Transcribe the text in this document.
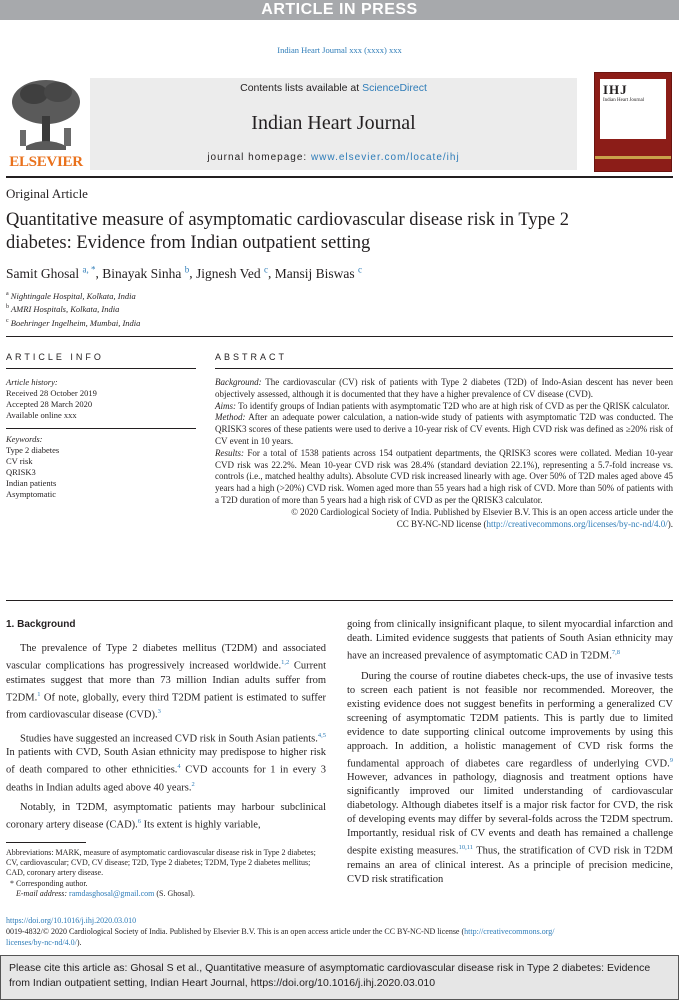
ARTICLE IN PRESS
Indian Heart Journal xxx (xxxx) xxx
ELSEVIER
Contents lists available at ScienceDirect
Indian Heart Journal
journal homepage: www.elsevier.com/locate/ihj
IHJ
Indian Heart Journal
Original Article
Quantitative measure of asymptomatic cardiovascular disease risk in Type 2 diabetes: Evidence from Indian outpatient setting
Samit Ghosal $^{a, *}$, Binayak Sinha $^b$, Jignesh Ved $^c$, Mansij Biswas $^c$
$^a$ Nightingale Hospital, Kolkata, India
$^b$ AMRI Hospitals, Kolkata, India
$^c$ Boehringer Ingelheim, Mumbai, India
ARTICLE INFO	ABSTRACT
Article history:
Received 28 October 2019
Accepted 28 March 2020
Available online xxx
Keywords:
Type 2 diabetes
CV risk
QRISK3
Indian patients
Asymptomatic

Background: The cardiovascular (CV) risk of patients with Type 2 diabetes (T2D) of Indo-Asian descent has never been objectively assessed, although it is documented that they have a higher prevalence of CV disease (CVD).

Aims: To identify groups of Indian patients with asymptomatic T2D who are at high risk of CVD as per the QRISK calculator.

Method: After an adequate power calculation, a nation-wide study of patients with asymptomatic T2D was conducted. The QRISK3 scores of these patients were used to derive a 10-year risk of CV events. High CVD risk was defined as ≥20% risk of CV event in 10 years.

Results: For a total of 1538 patients across 154 outpatient departments, the QRISK3 scores were collated. Median 10-year CVD risk was 22.2%. Mean 10-year CVD risk was 28.4% (standard deviation 22.1%), representing a 5.7-fold increase vs. controls (i.e., matched healthy adults). Absolute CVD risk increased linearly with age. Over 50% of T2D males aged above 45 years had a high (>20%) CVD risk. Women aged more than 55 years had a high risk of CVD. More than 50% of patients with a T2D duration of more than 5 years had a high risk of CVD as per the QRISK3 calculator.

© 2020 Cardiological Society of India. Published by Elsevier B.V. This is an open access article under the
CC BY-NC-ND license (http://creativecommons.org/licenses/by-nc-nd/4.0/).

1. Background

The prevalence of Type 2 diabetes mellitus (T2DM) and associated vascular complications has progressively increased worldwide.$^{1,2}$ Current estimates suggest that more than 73 million Indian adults suffer from T2DM.$^1$ Of note, globally, every third T2DM patient is estimated to suffer from cardiovascular disease (CVD).$^3$

Studies have suggested an increased CVD risk in South Asian patients.$^{4,5}$ In patients with CVD, South Asian ethnicity may predispose to higher risk of death compared to other ethnicities.$^4$ CVD accounts for 1 in every 3 deaths in Indian adults aged above 40 years.$^2$

Notably, in T2DM, asymptomatic patients may harbour subclinical coronary artery disease (CAD).$^6$ Its extent is highly variable,

going from clinically insignificant plaque, to silent myocardial infarction and death. Limited evidence suggests that patients of South Asian ethnicity may have an increased prevalence of asymptomatic CAD in T2DM.$^{7,8}$

During the course of routine diabetes check-ups, the use of invasive tests to screen each patient is not feasible nor recommended. Moreover, the existing evidence does not suggest benefits in performing a generalized CV screening of asymptomatic T2DM patients. This is partly due to limited evidence to date supporting clinical outcome improvements by using this approach. In addition, a holistic management of CVD risk forms the fundamental approach of diabetes care regardless of underlying CVD.$^9$ However, advances in pathology, diagnosis and treatment options have significantly improved our limited understanding of cardiovascular diabetology. Although diabetes itself is a major risk factor for CVD, the risk of developing events may differ by several-folds across the T2DM spectrum. Importantly, residual risk of CV events and death has remained a challenge despite existing measures.$^{10,11}$ Thus, the stratification of CVD risk in T2DM remains an area of clinical interest. As a principle of precision medicine, CVD risk stratification

Abbreviations: MARK, measure of asymptomatic cardiovascular disease risk in Type 2 diabetes; CV, cardiovascular; CVD, CV disease; T2D, Type 2 diabetes; T2DM, Type 2 diabetes mellitus; CAD, coronary artery disease.
* Corresponding author.
E-mail address: ramdasghosal@gmail.com (S. Ghosal).
https://doi.org/10.1016/j.ihj.2020.03.010
0019-4832/© 2020 Cardiological Society of India. Published by Elsevier B.V. This is an open access article under the CC BY-NC-ND license (http://creativecommons.org/
licenses/by-nc-nd/4.0/).
Please cite this article as: Ghosal S et al., Quantitative measure of asymptomatic cardiovascular disease risk in Type 2 diabetes: Evidence from Indian outpatient setting, Indian Heart Journal, https://doi.org/10.1016/j.ihj.2020.03.010
